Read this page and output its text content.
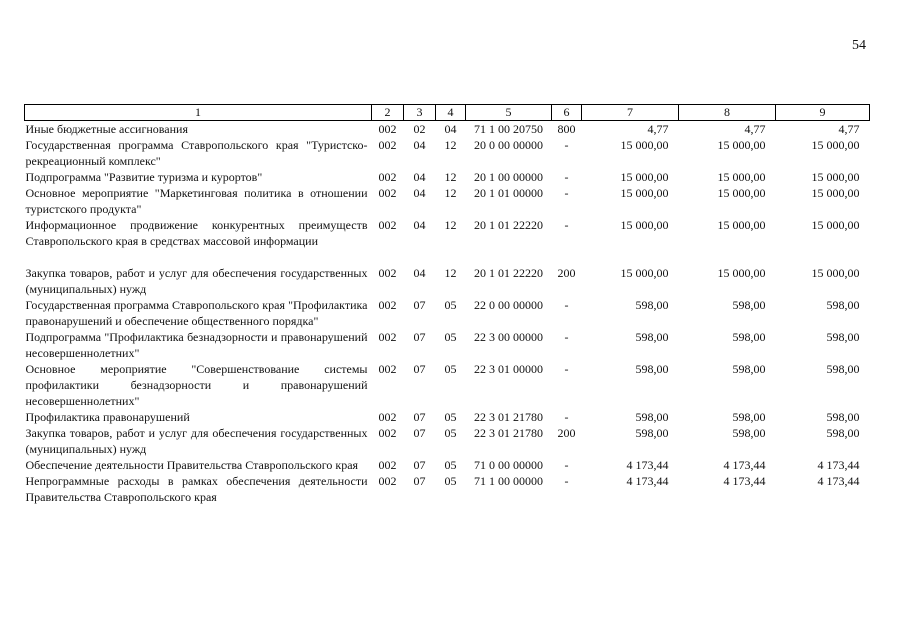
54
1	2	3	4	5	6	7	8	9
Иные бюджетные ассигнования	002	02	04	71 1 00 20750	800	4,77	4,77	4,77
Государственная программа Ставропольского края "Туристско-рекреационный комплекс"	002	04	12	20 0 00 00000	-	15 000,00	15 000,00	15 000,00
Подпрограмма "Развитие туризма и курортов"	002	04	12	20 1 00 00000	-	15 000,00	15 000,00	15 000,00
Основное мероприятие "Маркетинговая политика в отношении туристского продукта"	002	04	12	20 1 01 00000	-	15 000,00	15 000,00	15 000,00
Информационное продвижение конкурентных преимуществ Ставропольского края в средствах массовой информации	002	04	12	20 1 01 22220	-	15 000,00	15 000,00	15 000,00

Закупка товаров, работ и услуг для обеспечения государственных (муниципальных) нужд	002	04	12	20 1 01 22220	200	15 000,00	15 000,00	15 000,00
Государственная программа Ставропольского края "Профилактика правонарушений и обеспечение общественного порядка"	002	07	05	22 0 00 00000	-	598,00	598,00	598,00
Подпрограмма "Профилактика безнадзорности и правонарушений несовершеннолетних"	002	07	05	22 3 00 00000	-	598,00	598,00	598,00
Основное мероприятие "Совершенствование системы профилактики безнадзорности и правонарушений несовершеннолетних"	002	07	05	22 3 01 00000	-	598,00	598,00	598,00
Профилактика правонарушений	002	07	05	22 3 01 21780	-	598,00	598,00	598,00
Закупка товаров, работ и услуг для обеспечения государственных (муниципальных) нужд	002	07	05	22 3 01 21780	200	598,00	598,00	598,00
Обеспечение деятельности Правительства Ставропольского края	002	07	05	71 0 00 00000	-	4 173,44	4 173,44	4 173,44
Непрограммные расходы в рамках обеспечения деятельности Правительства Ставропольского края	002	07	05	71 1 00 00000	-	4 173,44	4 173,44	4 173,44
